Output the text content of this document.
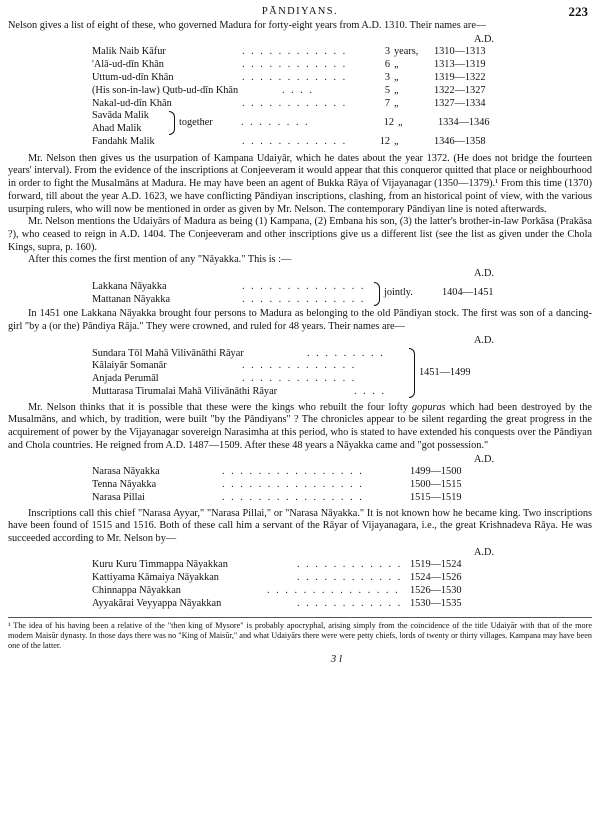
PĀNDIYANS.	223

Nelson gives a list of eight of these, who governed Madura for forty-eight years from A.D. 1310. Their names are—

A.D.
Malik Naib Kāfur	. . . . . . . . . . . .	3 years,	1310—1313
'Alā-ud-dīn Khān	. . . . . . . . . . . .	6 „	1313—1319
Uttum-ud-dīn Khān	. . . . . . . . . . . .	3 „	1319—1322
(His son-in-law) Qutb-ud-dīn Khān	. . . .	5 „	1322—1327
Nakal-ud-dīn Khān	. . . . . . . . . . . .	7 „	1327—1334
Savāda Malik
Ahad Malik
together	. . . . . . . .	12 „	1334—1346
Fandahk Malik	. . . . . . . . . . . .	12 „	1346—1358

Mr. Nelson then gives us the usurpation of Kampana Udaiyār, which he dates about the year 1372. (He does not bridge the fourteen years' interval). From the evidence of the inscriptions at Conjeeveram it would appear that this conqueror quitted that place or neighbourhood in order to fight the Musalmāns at Madura. He may have been an agent of Bukka Rāya of Vijayanagar (1350—1379).¹ From this time (1370) forward, till about the year A.D. 1623, we have conflicting Pāndiyan inscriptions, clashing, from an historical point of view, with the various usurping rulers, who will now be mentioned in order as given by Mr. Nelson. The contemporary Pāndiyan line is noted afterwards.

Mr. Nelson mentions the Udaiyārs of Madura as being (1) Kampana, (2) Embana his son, (3) the latter's brother-in-law Porkāsa (Prakāsa ?), who ceased to reign in A.D. 1404. The Conjeeveram and other inscriptions give us a different list (see the list as given under the Chola Kings, supra, p. 160).

After this comes the first mention of any "Nāyakka." This is :—

A.D.
Lakkana Nāyakka	. . . . . . . . . . . . . .
Mattanan Nāyakka	. . . . . . . . . . . . . .
jointly.	1404—1451

In 1451 one Lakkana Nāyakka brought four persons to Madura as belonging to the old Pāndiyan stock. The first was son of a dancing-girl "by a (or the) Pāndiya Rāja." They were crowned, and ruled for 48 years. Their names are—

A.D.
Sundara Tōl Mahā Vilivānāthi Rāyar	. . . . . . . . .
Kālaiyār Somanār	. . . . . . . . . . . . .
Anjada Perumāl	. . . . . . . . . . . . .
Muttarasa Tirumalai Mahā Vilivānāthi Rāyar	. . . .
1451—1499

Mr. Nelson thinks that it is possible that these were the kings who rebuilt the four lofty gopuras which had been destroyed by the Musalmāns, and which, by tradition, were built "by the Pāndiyans" ? The chronicles appear to be silent regarding the great progress in the acquirement of power by the Vijayanagar sovereign Narasimha at this period, who is stated to have extended his conquests over the Pāndiyan and Chola countries. He reigned from A.D. 1487—1509. After these 48 years a Nāyakka came and "got possession."

A.D.
Narasa Nāyakka	. . . . . . . . . . . . . . . .	1499—1500
Tenna Nāyakka	. . . . . . . . . . . . . . . .	1500—1515
Narasa Pillai	. . . . . . . . . . . . . . . .	1515—1519

Inscriptions call this chief "Narasa Ayyar," "Narasa Pillai," or "Narasa Nāyakka." It is not known how he became king. Two inscriptions have been found of 1515 and 1516. Both of these call him a servant of the Rāyar of Vijayanagara, i.e., the great Krishnadeva Rāya. He was succeeded according to Mr. Nelson by—

A.D.
Kuru Kuru Timmappa Nāyakkan	. . . . . . . . . . . . 1519—1524
Kattiyama Kāmaiya Nāyakkan	. . . . . . . . . . . . 1524—1526
Chinnappa Nāyakkan	. . . . . . . . . . . . . . .	1526—1530
Ayyakārai Veyyappa Nāyakkan	. . . . . . . . . . . . 1530—1535

¹ The idea of his having been a relative of the "then king of Mysore" is probably apocryphal, arising simply from the coincidence of the title Udaiyār with that of the more modern Maisūr dynasty. In those days there was no "King of Maisūr," and what Udaiyārs there were were petty chiefs, lords of twenty or thirty villages. Kampana may have been one of the latter.

3 l
